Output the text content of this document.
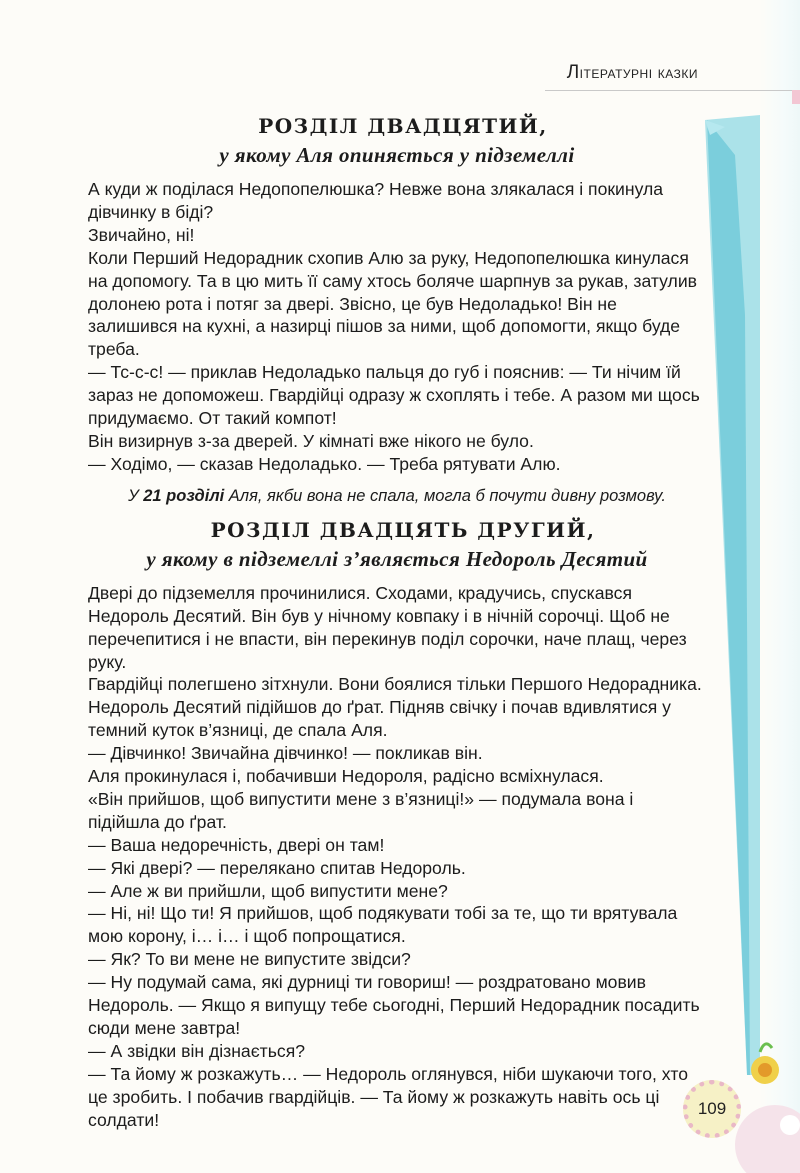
Літературні казки
РОЗДІЛ ДВАДЦЯТИЙ,
у якому Аля опиняється у підземеллі

А куди ж поділася Недопопелюшка? Невже вона злякалася і покинула дівчинку в біді?

Звичайно, ні!

Коли Перший Недорадник схопив Алю за руку, Недопопелюшка кинулася на допомогу. Та в цю мить її саму хтось боляче шарпнув за рукав, затулив долонею рота і потяг за двері. Звісно, це був Недоладько! Він не залишився на кухні, а назирці пішов за ними, щоб допомогти, якщо буде треба.

— Тс-с-с! — приклав Недоладько пальця до губ і пояснив: — Ти нічим їй зараз не допоможеш. Гвардійці одразу ж схоплять і тебе. А разом ми щось придумаємо. От такий компот!

Він визирнув з-за дверей. У кімнаті вже нікого не було.

— Ходімо, — сказав Недоладько. — Треба рятувати Алю.

У 21 розділі Аля, якби вона не спала, могла б почути дивну розмову.
РОЗДІЛ ДВАДЦЯТЬ ДРУГИЙ,
у якому в підземеллі з’являється Недороль Десятий

Двері до підземелля прочинилися. Сходами, крадучись, спускався Недороль Десятий. Він був у нічному ковпаку і в нічній сорочці. Щоб не перечепитися і не впасти, він перекинув поділ сорочки, наче плащ, через руку.

Гвардійці полегшено зітхнули. Вони боялися тільки Першого Недорадника.

Недороль Десятий підійшов до ґрат. Підняв свічку і почав вдивлятися у темний куток в’язниці, де спала Аля.

— Дівчинко! Звичайна дівчинко! — покликав він.

Аля прокинулася і, побачивши Недороля, радісно всміхнулася.

«Він прийшов, щоб випустити мене з в’язниці!» — подумала вона і підійшла до ґрат.

— Ваша недоречність, двері он там!

— Які двері? — перелякано спитав Недороль.

— Але ж ви прийшли, щоб випустити мене?

— Ні, ні! Що ти! Я прийшов, щоб подякувати тобі за те, що ти врятувала мою корону, і… і… і щоб попрощатися.

— Як? То ви мене не випустите звідси?

— Ну подумай сама, які дурниці ти говориш! — роздратовано мовив Недороль. — Якщо я випущу тебе сьогодні, Перший Недорадник посадить сюди мене завтра!

— А звідки він дізнається?

— Та йому ж розкажуть… — Недороль оглянувся, ніби шукаючи того, хто це зробить. І побачив гвардійців. — Та йому ж розкажуть навіть ось ці солдати!

109
